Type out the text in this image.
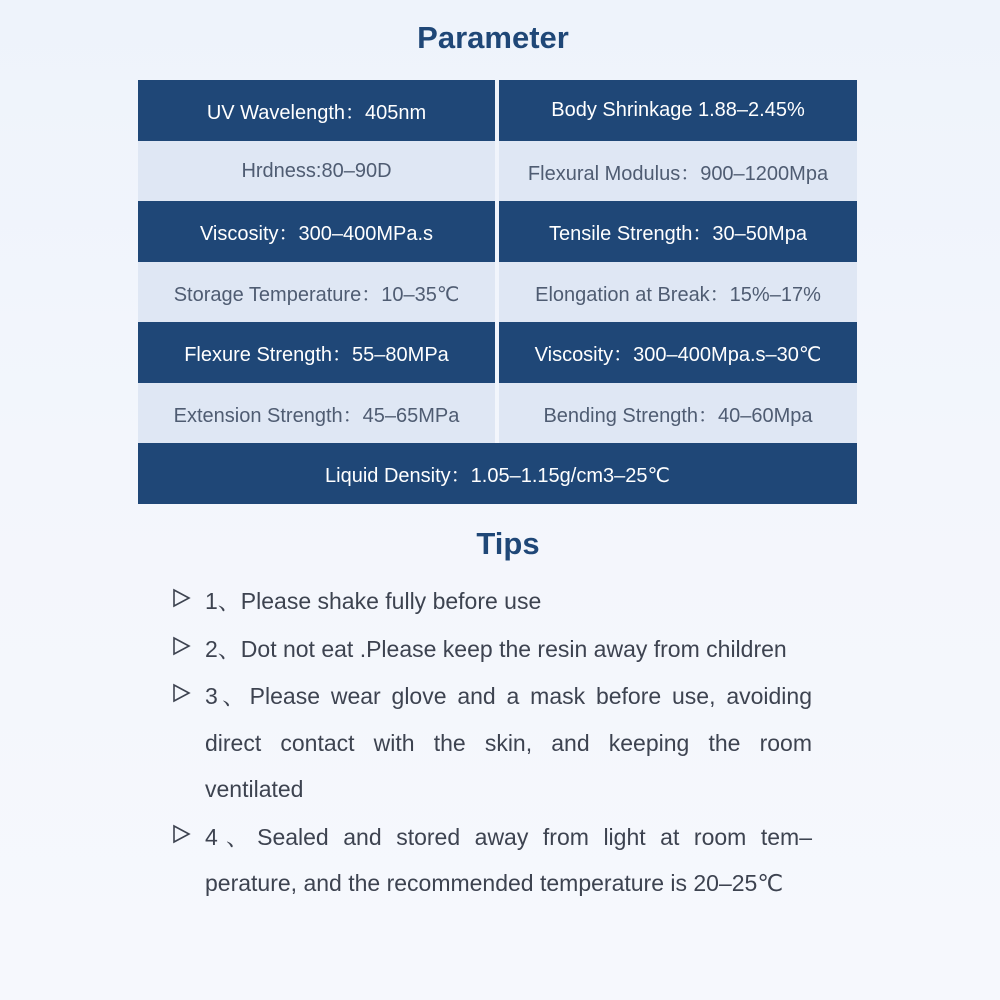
Parameter
UV Wavelength：405nm	Body Shrinkage 1.88–2.45%
Hrdness:80–90D	Flexural Modulus：900–1200Mpa
Viscosity：300–400MPa.s	Tensile Strength：30–50Mpa
Storage Temperature：10–35℃	Elongation at Break：15%–17%
Flexure Strength：55–80MPa	Viscosity：300–400Mpa.s–30℃
Extension Strength：45–65MPa	Bending Strength：40–60Mpa
Liquid Density：1.05–1.15g/cm3–25℃
Tips
1、Please shake fully before use
2、Dot not eat .Please keep the resin away from children
3、Please wear glove and a mask before use, avoiding direct contact with the skin, and keeping the room ventilated
4、Sealed and stored away from light at room tem–perature, and the recommended temperature is 20–25℃
